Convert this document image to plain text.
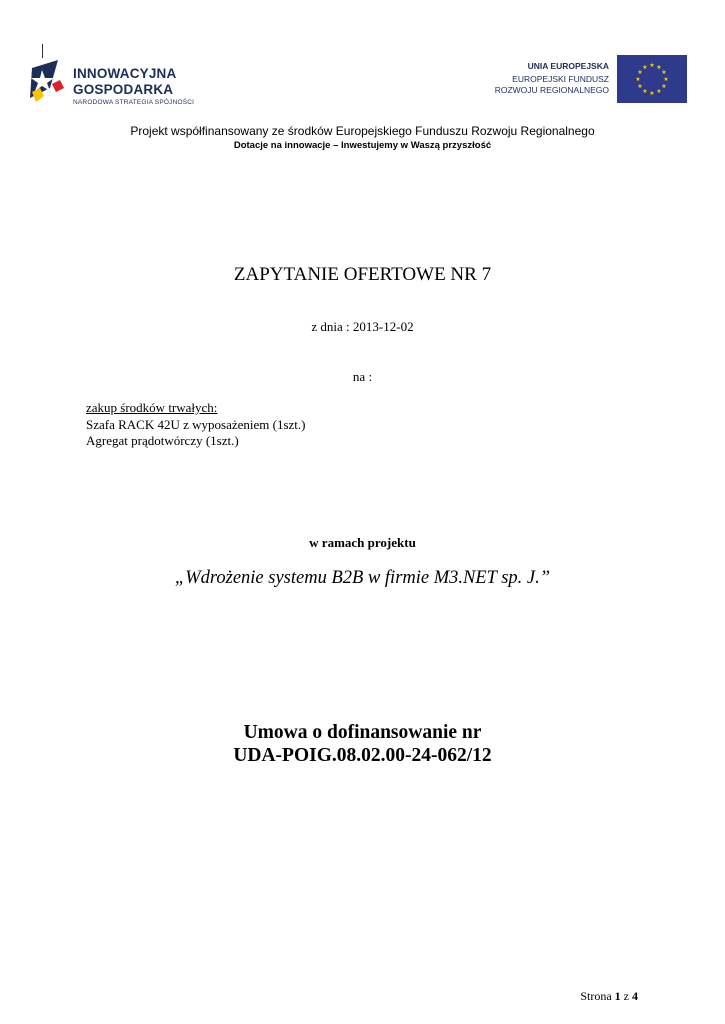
INNOWACYJNA
GOSPODARKA
NARODOWA STRATEGIA SPÓJNOŚCI
UNIA EUROPEJSKA
EUROPEJSKI FUNDUSZ
ROZWOJU REGIONALNEGO
★ ★
★
★
★
★
★
★
★
★
★
★
Projekt współfinansowany ze środków Europejskiego Funduszu Rozwoju Regionalnego
Dotacje na innowacje – Inwestujemy w Waszą przyszłość
ZAPYTANIE OFERTOWE NR 7
z dnia : 2013-12-02
na :
zakup środków trwałych:
Szafa RACK 42U z wyposażeniem (1szt.)
Agregat prądotwórczy (1szt.)
w ramach projektu
„Wdrożenie systemu B2B w firmie M3.NET sp. J.”
Umowa o dofinansowanie nr
UDA-POIG.08.02.00-24-062/12
Strona 1 z 4
